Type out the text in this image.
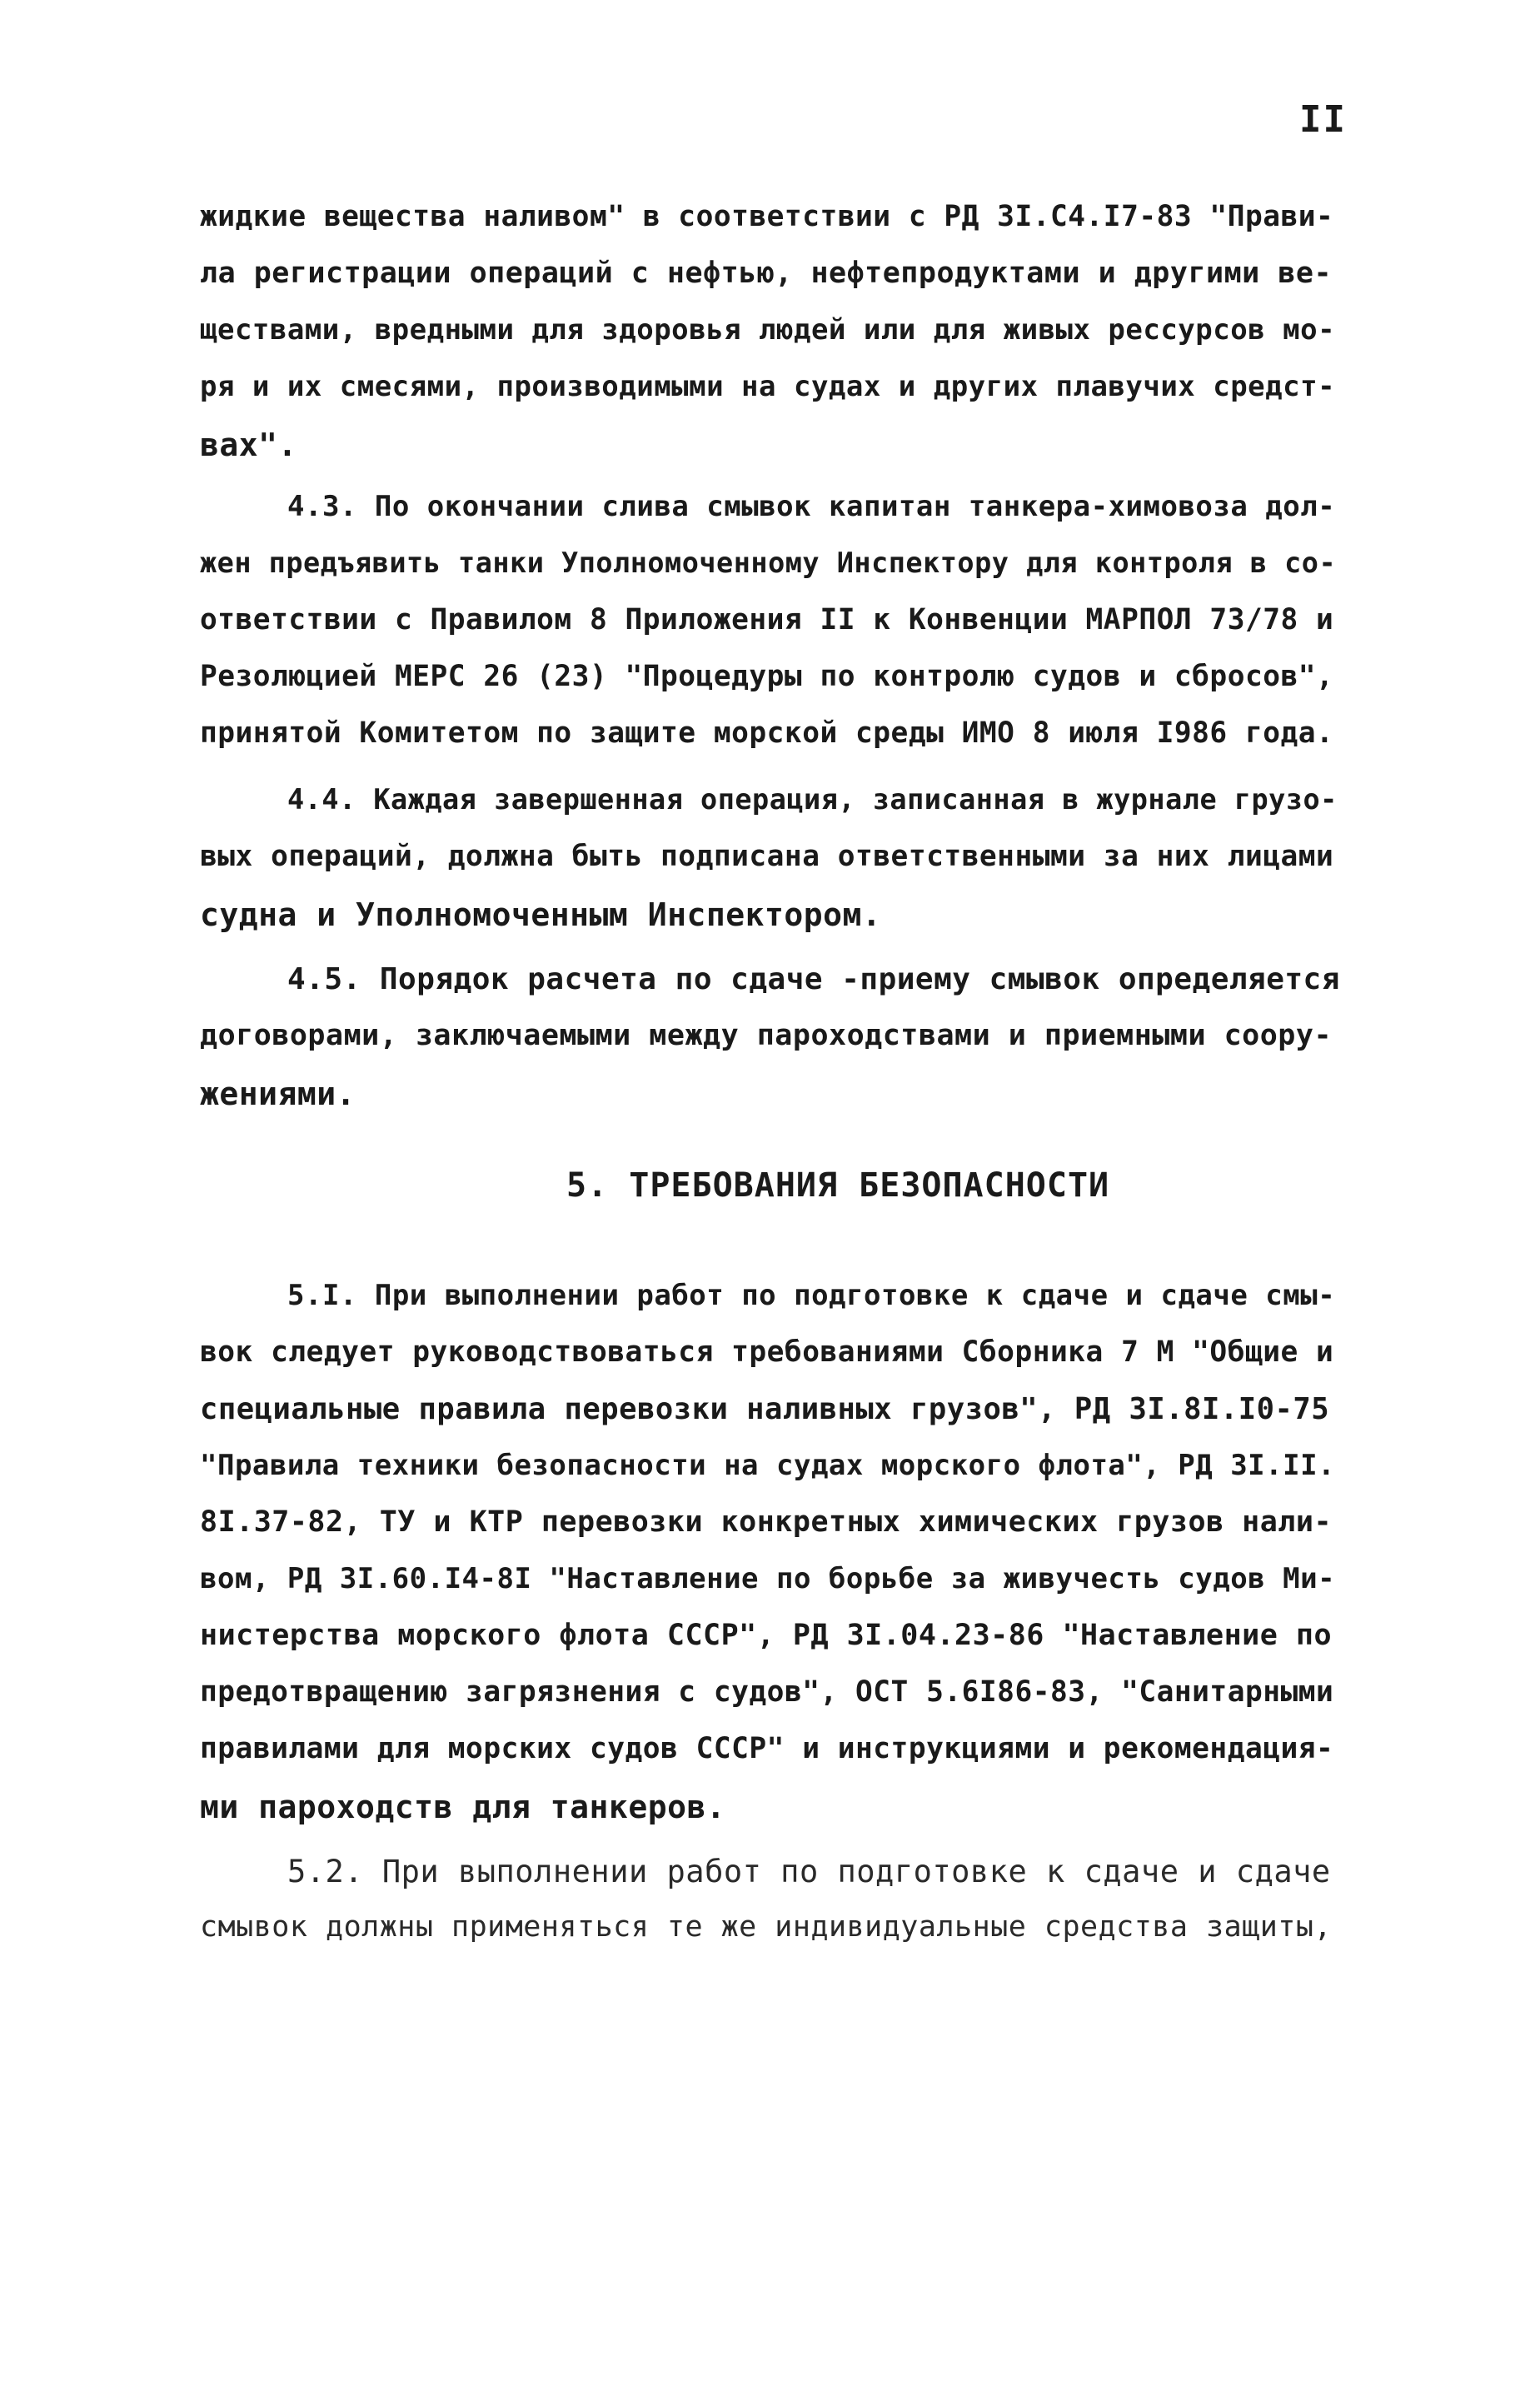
II
жидкие вещества наливом" в соответствии с РД 3I.С4.I7-83 "Прави-
ла регистрации операций с нефтью, нефтепродуктами и другими ве-
ществами, вредными для здоровья людей или для живых рессурсов мо-
ря и их смесями, производимыми на судах и других плавучих средст-
вах".
4.3. По окончании слива смывок капитан танкера-химовоза дол-
жен предъявить танки Уполномоченному Инспектору для контроля в со-
ответствии с Правилом 8 Приложения II к Конвенции МАРПОЛ 73/78 и
Резолюцией МЕРС 26 (23) "Процедуры по контролю судов и сбросов",
принятой Комитетом по защите морской среды ИМО 8 июля I986 года.
4.4. Каждая завершенная операция, записанная в журнале грузо-
вых операций, должна быть подписана ответственными за них лицами
судна и Уполномоченным Инспектором.
4.5. Порядок расчета по сдаче -приему смывок определяется
договорами, заключаемыми между пароходствами и приемными соору-
жениями.
5. ТРЕБОВАНИЯ БЕЗОПАСНОСТИ
5.I. При выполнении работ по подготовке к сдаче и сдаче смы-
вок следует руководствоваться требованиями Сборника 7 М "Общие и
специальные правила перевозки наливных грузов", РД 3I.8I.I0-75
"Правила техники безопасности на судах морского флота", РД 3I.II.
8I.37-82, ТУ и КТР перевозки конкретных химических грузов нали-
вом, РД 3I.60.I4-8I "Наставление по борьбе за живучесть судов Ми-
нистерства морского флота СССР", РД 3I.04.23-86 "Наставление по
предотвращению загрязнения с судов", ОСТ 5.6I86-83, "Санитарными
правилами для морских судов СССР" и инструкциями и рекомендация-
ми пароходств для танкеров.
5.2. При выполнении работ по подготовке к сдаче и сдаче
смывок должны применяться те же индивидуальные средства защиты,
